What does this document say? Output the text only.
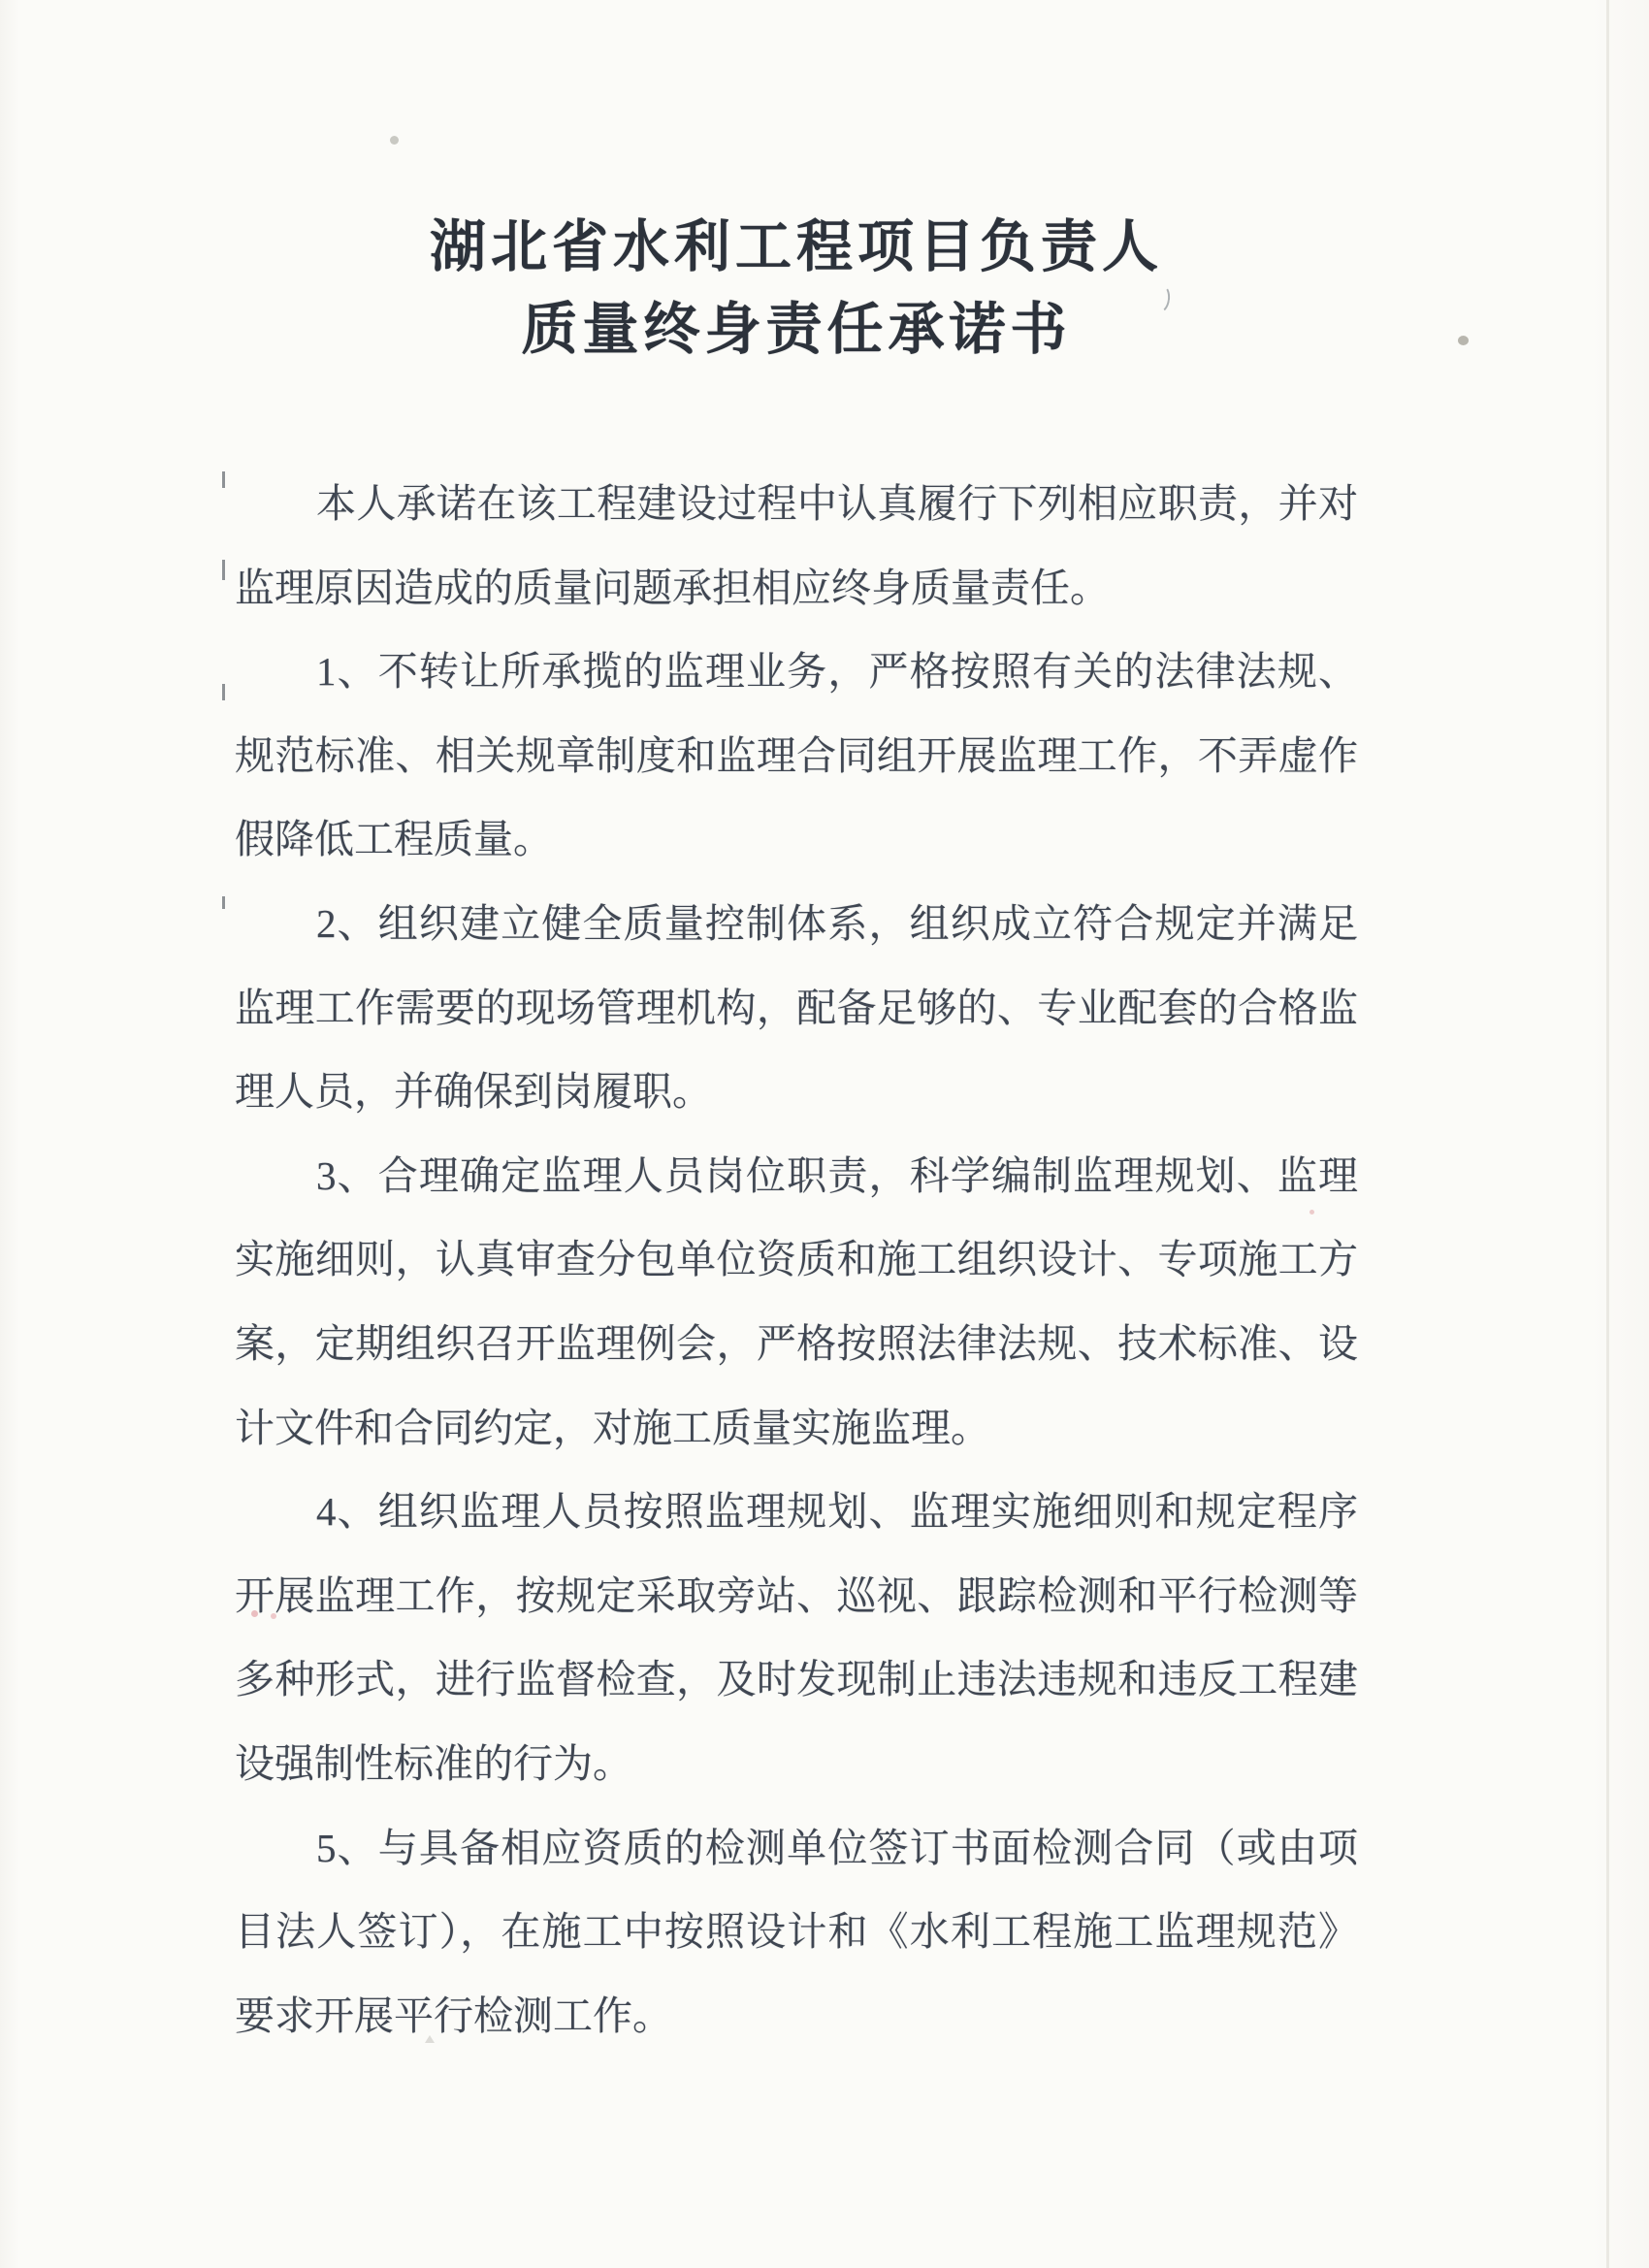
湖北省水利工程项目负责人
质量终身责任承诺书
本人承诺在该工程建设过程中认真履行下列相应职责，并对
监理原因造成的质量问题承担相应终身质量责任。
1、不转让所承揽的监理业务，严格按照有关的法律法规、
规范标准、相关规章制度和监理合同组开展监理工作，不弄虚作
假降低工程质量。
2、组织建立健全质量控制体系，组织成立符合规定并满足
监理工作需要的现场管理机构，配备足够的、专业配套的合格监
理人员，并确保到岗履职。
3、合理确定监理人员岗位职责，科学编制监理规划、监理
实施细则，认真审查分包单位资质和施工组织设计、专项施工方
案，定期组织召开监理例会，严格按照法律法规、技术标准、设
计文件和合同约定，对施工质量实施监理。
4、组织监理人员按照监理规划、监理实施细则和规定程序
开展监理工作，按规定采取旁站、巡视、跟踪检测和平行检测等
多种形式，进行监督检查，及时发现制止违法违规和违反工程建
设强制性标准的行为。
5、与具备相应资质的检测单位签订书面检测合同（或由项
目法人签订），在施工中按照设计和《水利工程施工监理规范》
要求开展平行检测工作。
